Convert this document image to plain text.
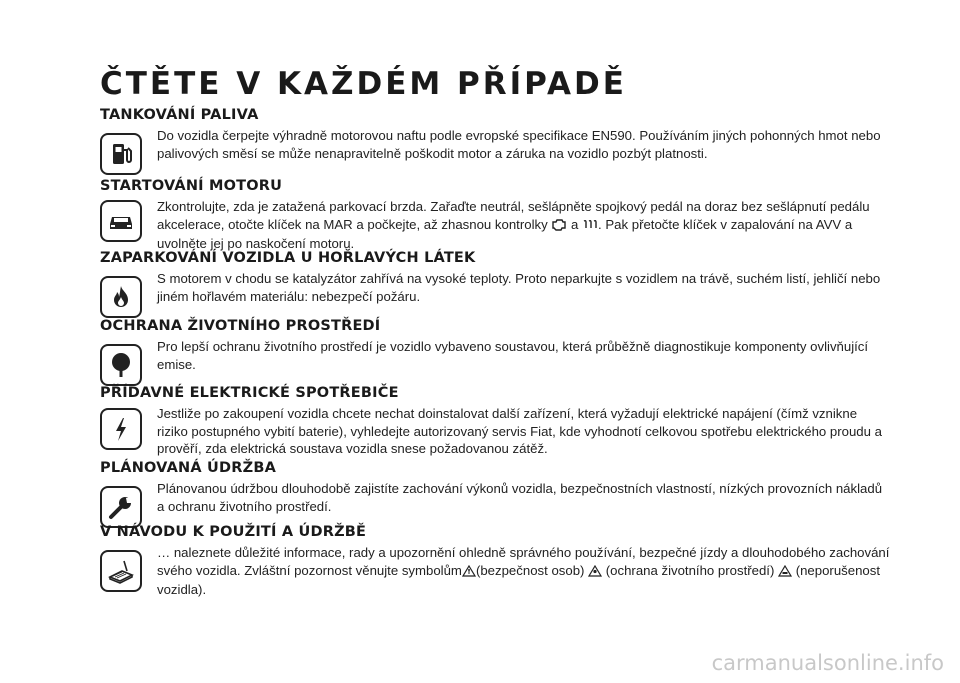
ČTĚTE V KAŽDÉM PŘÍPADĚ
TANKOVÁNÍ PALIVA
Do vozidla čerpejte výhradně motorovou naftu podle evropské specifikace EN590. Používáním jiných pohonných hmot nebo palivových směsí se může nenapravitelně poškodit motor a záruka na vozidlo pozbýt platnosti.
STARTOVÁNÍ MOTORU
Zkontrolujte, zda je zatažená parkovací brzda. Zařaďte neutrál, sešlápněte spojkový pedál na doraz bez sešlápnutí pedálu akcelerace, otočte klíček na MAR a počkejte, až zhasnou kontrolky  a . Pak přetočte klíček v zapalování na AVV a uvolněte jej po naskočení motoru.
ZAPARKOVÁNÍ VOZIDLA U HOŘLAVÝCH LÁTEK
S motorem v chodu se katalyzátor zahřívá na vysoké teploty. Proto neparkujte s vozidlem na trávě, suchém listí, jehličí nebo jiném hořlavém materiálu: nebezpečí požáru.
OCHRANA ŽIVOTNÍHO PROSTŘEDÍ
Pro lepší ochranu životního prostředí je vozidlo vybaveno soustavou, která průběžně diagnostikuje komponenty ovlivňující emise.
PŘÍDAVNÉ ELEKTRICKÉ SPOTŘEBIČE
Jestliže po zakoupení vozidla chcete nechat doinstalovat další zařízení, která vyžadují elektrické napájení (čímž vznikne riziko postupného vybití baterie), vyhledejte autorizovaný servis Fiat, kde vyhodnotí celkovou spotřebu elektrického proudu a prověří, zda elektrická soustava vozidla snese požadovanou zátěž.
PLÁNOVANÁ ÚDRŽBA
Plánovanou údržbou dlouhodobě zajistíte zachování výkonů vozidla, bezpečnostních vlastností, nízkých provozních nákladů a ochranu životního prostředí.
V NÁVODU K POUŽITÍ A ÚDRŽBĚ
… naleznete důležité informace, rady a upozornění ohledně správného používání, bezpečné jízdy a dlouhodobého zachování svého vozidla. Zvláštní pozornost věnujte symbolům (bezpečnost osob)  (ochrana životního prostředí)  (neporušenost vozidla).
carmanualsonline.info
